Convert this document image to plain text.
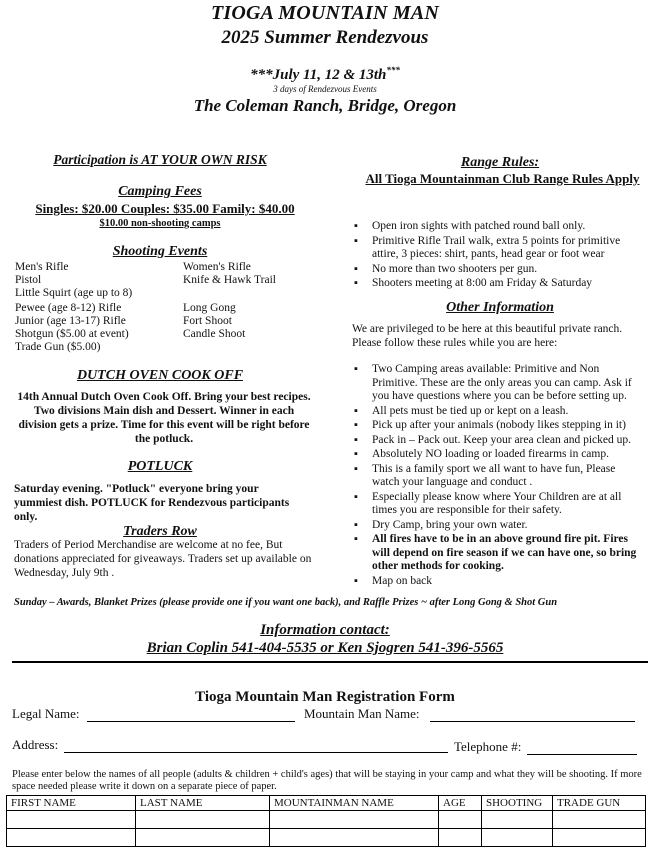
TIOGA MOUNTAIN MAN
2025 Summer Rendezvous
***July 11, 12 & 13th***
3 days of Rendezvous Events
The Coleman Ranch, Bridge, Oregon
Participation is AT YOUR OWN RISK
Camping Fees
Singles: $20.00 Couples: $35.00 Family: $40.00
$10.00 non-shooting camps
Shooting Events
Men's Rifle	Women's Rifle
Pistol	Knife & Hawk Trail
Little Squirt (age up to 8)
Pewee (age 8-12) Rifle	Long Gong
Junior (age 13-17) Rifle	Fort Shoot
Shotgun ($5.00 at event)	Candle Shoot
Trade Gun ($5.00)
DUTCH OVEN COOK OFF
14th Annual Dutch Oven Cook Off. Bring your best recipes. Two divisions Main dish and Dessert. Winner in each division gets a prize. Time for this event will be right before the potluck.
POTLUCK
Saturday evening. "Potluck" everyone bring your yummiest dish. POTLUCK for Rendezvous participants only.
Traders Row
Traders of Period Merchandise are welcome at no fee, But donations appreciated for giveaways. Traders set up available on Wednesday, July 9th .
Range Rules:
All Tioga Mountainman Club Range Rules Apply
▪ Open iron sights with patched round ball only.
▪ Primitive Rifle Trail walk, extra 5 points for primitive attire, 3 pieces: shirt, pants, head gear or foot wear
▪ No more than two shooters per gun.
▪ Shooters meeting at 8:00 am Friday & Saturday
Other Information
We are privileged to be here at this beautiful private ranch. Please follow these rules while you are here:
▪ Two Camping areas available: Primitive and Non Primitive. These are the only areas you can camp. Ask if you have questions where you can be before setting up.
▪ All pets must be tied up or kept on a leash.
▪ Pick up after your animals (nobody likes stepping in it)
▪ Pack in – Pack out. Keep your area clean and picked up.
▪ Absolutely NO loading or loaded firearms in camp.
▪ This is a family sport we all want to have fun, Please watch your language and conduct .
▪ Especially please know where Your Children are at all times you are responsible for their safety.
▪ Dry Camp, bring your own water.
▪ All fires have to be in an above ground fire pit. Fires will depend on fire season if we can have one, so bring other methods for cooking.
▪ Map on back
Sunday – Awards, Blanket Prizes (please provide one if you want one back), and Raffle Prizes ~ after Long Gong & Shot Gun
Information contact:
Brian Coplin 541-404-5535 or Ken Sjogren 541-396-5565
Tioga Mountain Man Registration Form
Legal Name:	Mountain Man Name:
Address:	Telephone #:
Please enter below the names of all people (adults & children + child's ages) that will be staying in your camp and what they will be shooting. If more space needed please write it down on a separate piece of paper.
FIRST NAME	LAST NAME	MOUNTAINMAN NAME	AGE	SHOOTING	TRADE GUN
